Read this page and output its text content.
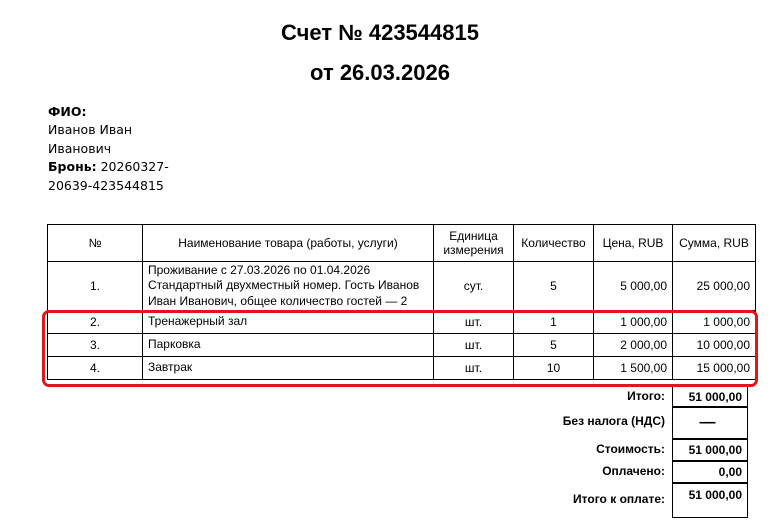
Счет № 423544815
от 26.03.2026
ФИО:
Иванов Иван
Иванович
Бронь: 20260327-
20639-423544815
№	Наименование товара (работы, услуги)	Единица измерения	Количество	Цена, RUB	Сумма, RUB
1.	Проживание с 27.03.2026 по 01.04.2026 Стандартный двухместный номер. Гость Иванов Иван Иванович, общее количество гостей — 2	сут.	5	5 000,00	25 000,00
2.	Тренажерный зал	шт.	1	1 000,00	1 000,00
3.	Парковка	шт.	5	2 000,00	10 000,00
4.	Завтрак	шт.	10	1 500,00	15 000,00
Итого:	51 000,00
Без налога (НДС)	—
Стоимость:	51 000,00
Оплачено:	0,00
Итого к оплате:	51 000,00
